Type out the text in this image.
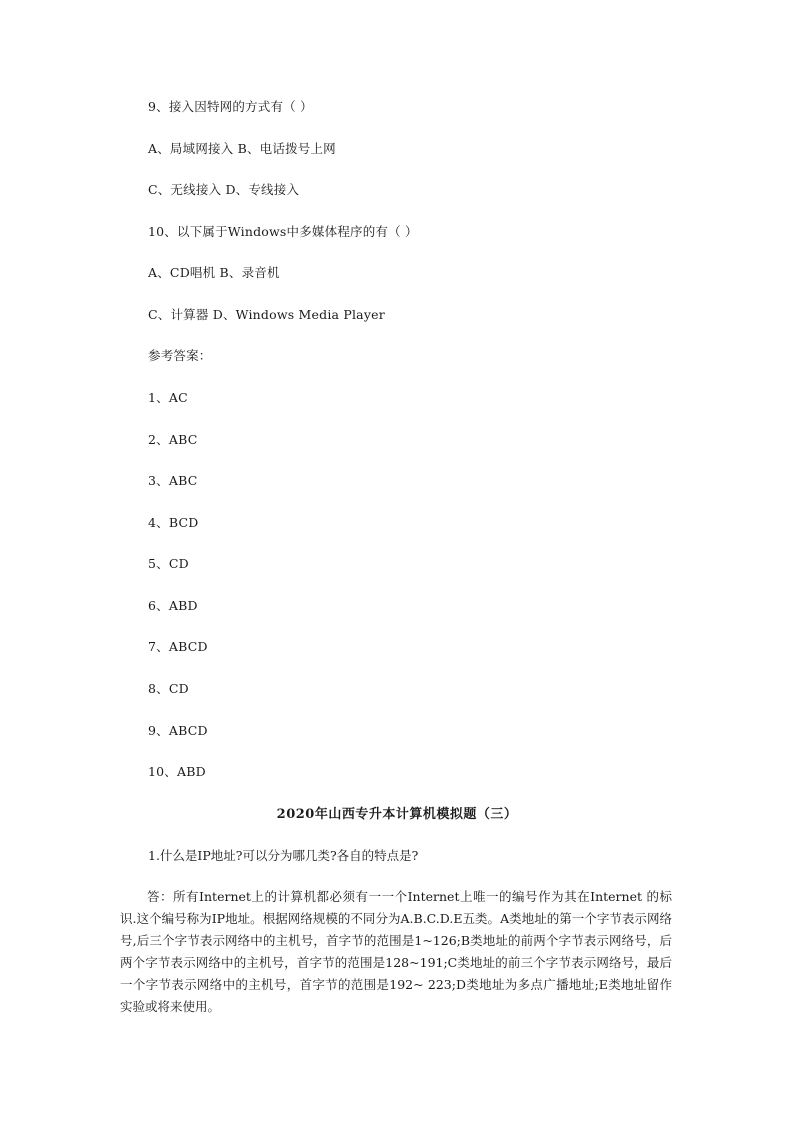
9、接入因特网的方式有（ ）
A、局域网接入 B、电话拨号上网
C、无线接入 D、专线接入
10、以下属于Windows中多媒体程序的有（ ）
A、CD唱机 B、录音机
C、计算器 D、Windows Media Player
参考答案：
1、AC
2、ABC
3、ABC
4、BCD
5、CD
6、ABD
7、ABCD
8、CD
9、ABCD
10、ABD
2020年山西专升本计算机模拟题（三）
1.什么是IP地址?可以分为哪几类?各自的特点是?
答：所有Internet上的计算机都必须有一一个Internet上唯一的编号作为其在Internet 的标识.这个编号称为IP地址。根据网络规模的不同分为A.B.C.D.E五类。A类地址的第一个字节表示网络号,后三个字节表示网络中的主机号，首字节的范围是1~126;B类地址的前两个字节表示网络号，后两个字节表示网络中的主机号，首字节的范围是128~191;C类地址的前三个字节表示网络号，最后一个字节表示网络中的主机号，首字节的范围是192~ 223;D类地址为多点广播地址;E类地址留作实验或将来使用。
